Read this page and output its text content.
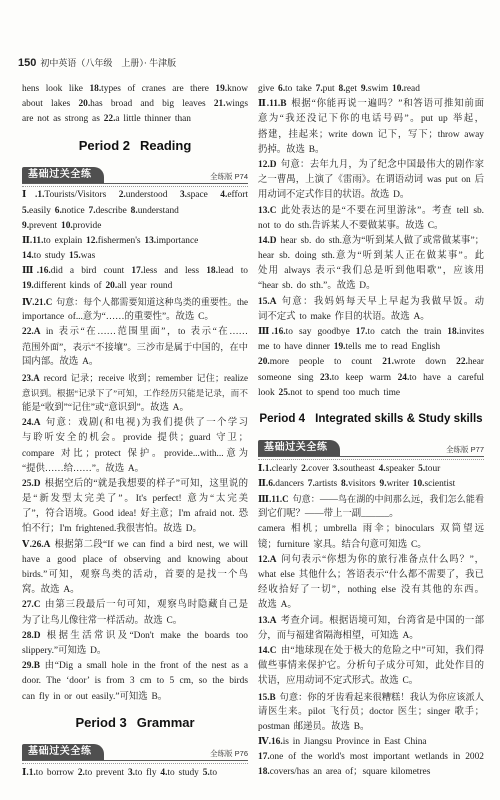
150 初中英语（八年级　上册）· 牛津版
hens look like 18.types of cranes are there 19.know
about lakes 20.has broad and big leaves 21.wings
are not as strong as 22.a little thinner than
Period 2 Reading
基础过关全练	全练版 P74
Ⅰ.1.Tourists/Visitors 2.understood 3.space 4.effort
5.easily 6.notice 7.describe 8.understand
9.prevent 10.provide
Ⅱ.11.to explain 12.fishermen's 13.importance
14.to study 15.was
Ⅲ.16.did a bird count 17.less and less 18.lead to
19.different kinds of 20.all year round
Ⅳ.21.C 句意：每个人都需要知道这种鸟类的重要性。the
importance of...意为“……的重要性”。故选 C。
22.A in 表示“在……范围里面”，to 表示“在……
范围外面”，表示“不接壤”。三沙市是属于中国的，在中
国内部。故选 A。
23.A record 记录；receive 收到；remember 记住；realize
意识到。根据“记录下了”可知，工作经历只能是记录，而不
能是“收到”“记住”或“意识到”。故选 A。
24.A 句意：戏剧(和电视)为我们提供了一个学习
与聆听安全的机会。provide 提供；guard 守卫；
compare 对比；protect 保护。provide...with...意为
“提供……给……”。故选 A。
25.D 根据空后的“就是我想要的样子”可知，这里说的
是“新发型太完美了”。It's perfect! 意为“太完美
了”，符合语境。Good idea! 好主意；I'm afraid not. 恐
怕不行；I'm frightened.我很害怕。故选 D。
Ⅴ.26.A 根据第二段“If we can find a bird nest, we will
have a good place of observing and knowing about
birds.”可知，观察鸟类的活动，首要的是找一个鸟
窝。故选 A。
27.C 由第三段最后一句可知，观察鸟时隐藏自己是
为了让鸟儿像往常一样活动。故选 C。
28.D 根据生活常识及“Don't make the boards too
slippery.”可知选 D。
29.B 由“Dig a small hole in the front of the nest as a
door. The ‘door’ is from 3 cm to 5 cm, so the birds
can fly in or out easily.”可知选 B。
Period 3 Grammar
基础过关全练	全练版 P76
Ⅰ.1.to borrow 2.to prevent 3.to fly 4.to study 5.to
give 6.to take 7.put 8.get 9.swim 10.read
Ⅱ.11.B 根据“你能再说一遍吗？”和答语可推知前面
意为“我还没记下你的电话号码”。put up 举起，
搭建，挂起来；write down 记下，写下；throw away
扔掉。故选 B。
12.D 句意：去年九月，为了纪念中国最伟大的剧作家
之一曹禺，上演了《雷雨》。在谓语动词 was put on 后
用动词不定式作目的状语。故选 D。
13.C 此处表达的是“不要在河里游泳”。考查 tell sb.
not to do sth.告诉某人不要做某事。故选 C。
14.D hear sb. do sth.意为“听到某人做了或常做某事”；
hear sb. doing sth.意为“听到某人正在做某事”。此
处用 always 表示“我们总是听到他唱歌”，应该用
“hear sb. do sth.”。故选 D。
15.A 句意：我妈妈每天早上早起为我做早饭。动
词不定式 to make 作目的状语。故选 A。
Ⅲ.16.to say goodbye 17.to catch the train 18.invites
me to have dinner 19.tells me to read English
20.more people to count 21.wrote down 22.hear
someone sing 23.to keep warm 24.to have a careful
look 25.not to spend too much time
Period 4 Integrated skills & Study skills
基础过关全练	全练版 P77
Ⅰ.1.clearly 2.cover 3.southeast 4.speaker 5.tour
Ⅱ.6.dancers 7.artists 8.visitors 9.writer 10.scientist
Ⅲ.11.C 句意：——鸟在湖的中间那么远，我们怎么能看
到它们呢？——带上一副______。
camera 相机；umbrella 雨伞；binoculars 双筒望远
镜；furniture 家具。结合句意可知选 C。
12.A 问句表示“你想为你的旅行准备点什么吗？”，
what else 其他什么；答语表示“什么都不需要了，我已
经收拾好了一切”，nothing else 没有其他的东西。
故选 A。
13.A 考查介词。根据语境可知，台湾省是中国的一部
分，而与福建省隔海相望，可知选 A。
14.C 由“地球现在处于极大的危险之中”可知，我们得
做些事情来保护它。分析句子成分可知，此处作目的
状语，应用动词不定式形式。故选 C。
15.B 句意：你的牙齿看起来很糟糕！我认为你应该派人
请医生来。pilot 飞行员；doctor 医生；singer 歌手；
postman 邮递员。故选 B。
Ⅳ.16.is in Jiangsu Province in East China
17.one of the world's most important wetlands in 2002
18.covers/has an area of；square kilometres
